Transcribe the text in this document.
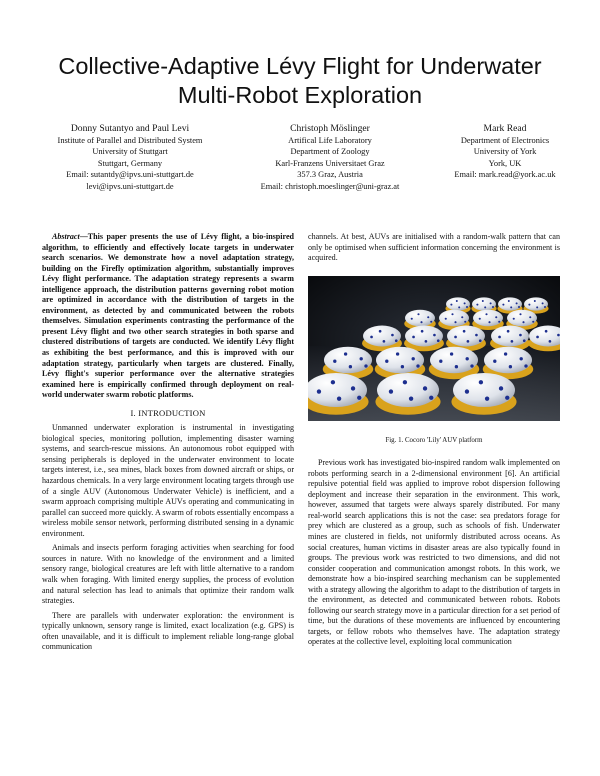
Collective-Adaptive Lévy Flight for Underwater
Multi-Robot Exploration
Donny Sutantyo and Paul Levi
Institute of Parallel and Distributed System
University of Stuttgart
Stuttgart, Germany
Email: sutantdy@ipvs.uni-stuttgart.de
levi@ipvs.uni-stuttgart.de
Christoph Möslinger
Artifical Life Laboratory
Department of Zoology
Karl-Franzens Universitaet Graz
357.3 Graz, Austria
Email: christoph.moeslinger@uni-graz.at
Mark Read
Department of Electronics
University of York
York, UK
Email: mark.read@york.ac.uk

Abstract—This paper presents the use of Lévy flight, a bio-inspired algorithm, to efficiently and effectively locate targets in underwater search scenarios. We demonstrate how a novel adaptation strategy, building on the Firefly optimization algorithm, substantially improves Lévy flight performance. The adaptation strategy represents a swarm intelligence approach, the distribution patterns governing robot motion are optimized in accordance with the distribution of targets in the environment, as detected by and communicated between the robots themselves. Simulation experiments contrasting the performance of the present Lévy flight and two other search strategies in both sparse and clustered distributions of targets are conducted. We identify Lévy flight as exhibiting the best performance, and this is improved with our adaptation strategy, particularly when targets are clustered. Finally, Lévy flight's superior performance over the alternative strategies examined here is empirically confirmed through deployment on real-world underwater swarm robotic platforms.

I. INTRODUCTION

Unmanned underwater exploration is instrumental in investigating biological species, monitoring pollution, implementing disaster warning systems, and search-rescue missions. An autonomous robot equipped with sensing peripherals is deployed in the underwater environment to locate targets interest, i.e., sea mines, black boxes from downed aircraft or ships, or hazardous chemicals. In a very large environment locating targets through use of a single AUV (Autonomous Underwater Vehicle) is inefficient, and a swarm approach comprising multiple AUVs operating and communicating in parallel can succeed more quickly. A swarm of robots essentially encompass a wireless mobile sensor network, performing distributed sensing in a dynamic environment.

Animals and insects perform foraging activities when searching for food sources in nature. With no knowledge of the environment and a limited sensory range, biological creatures are left with little alternative to a random walk when foraging. With limited energy supplies, the process of evolution and natural selection has lead to animals that optimize their random walk strategies.

There are parallels with underwater exploration: the environment is typically unknown, sensory range is limited, exact localization (e.g. GPS) is often unavailable, and it is difficult to implement reliable long-range global communication

channels. At best, AUVs are initialised with a random-walk pattern that can only be optimised when sufficient information concerning the environment is acquired.

Fig. 1. Cocoro 'Lily' AUV platform

Previous work has investigated bio-inspired random walk implemented on robots performing search in a 2-dimensional environment [6]. An artificial repulsive potential field was applied to improve robot dispersion following deployment and increase their separation in the environment. This work, however, assumed that targets were always sparely distributed. For many real-world search applications this is not the case: sea predators forage for prey which are clustered as a group, such as schools of fish. Underwater mines are clustered in fields, not uniformly distributed across oceans. As social creatures, human victims in disaster areas are also typically found in groups. The previous work was restricted to two dimensions, and did not consider cooperation and communication amongst robots. In this work, we demonstrate how a bio-inspired searching mechanism can be supplemented with a strategy allowing the algorithm to adapt to the distribution of targets in the environment, as detected and communicated between robots. Robots following our search strategy move in a particular direction for a set period of time, but the durations of these movements are influenced by encountering targets, or fellow robots who themselves have. The adaptation strategy operates at the collective level, exploiting local communication
